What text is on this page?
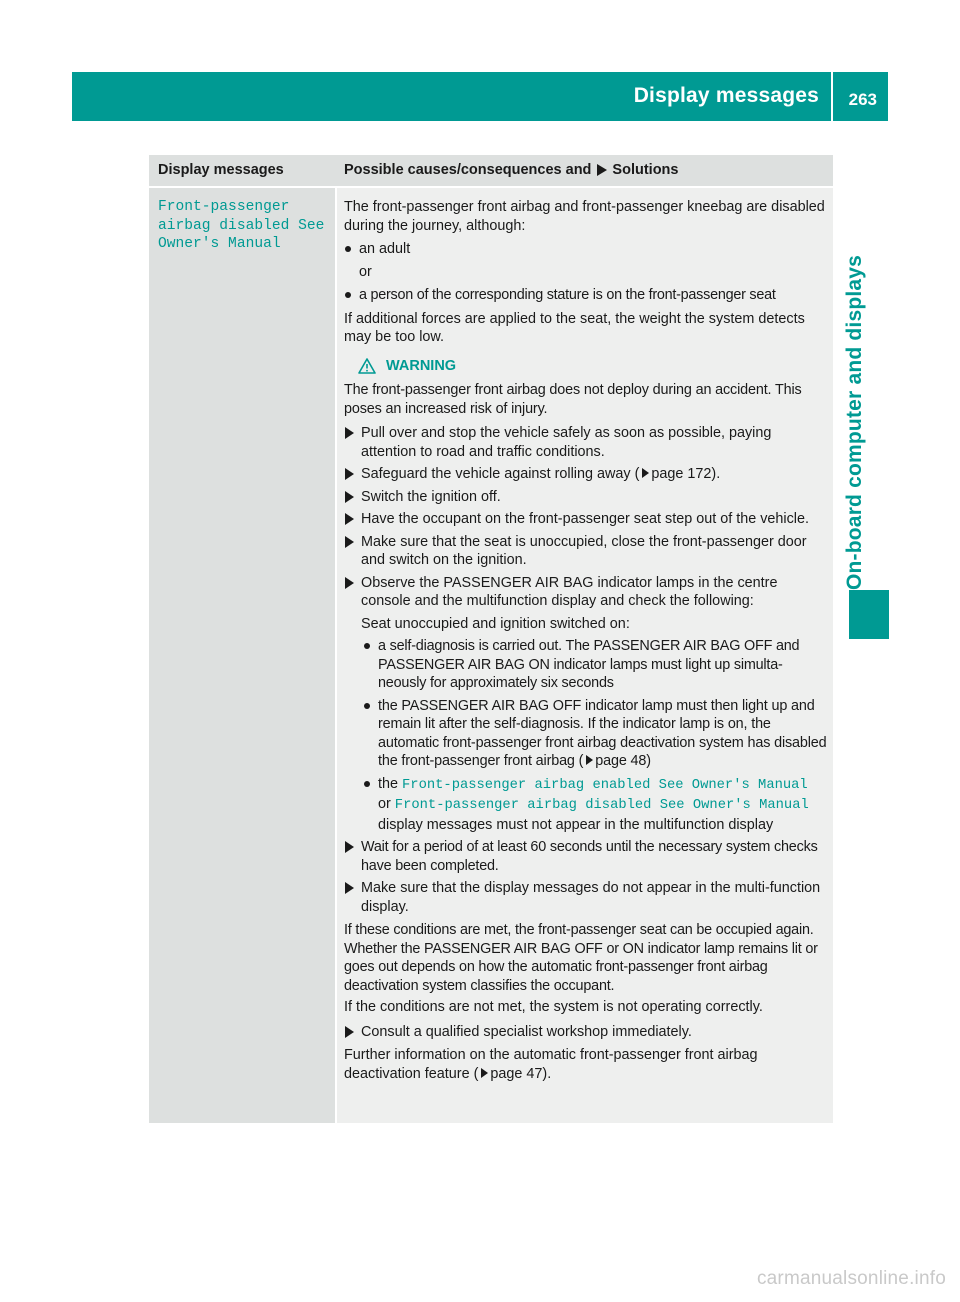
Display messages 263
On-board computer and displays
Display messages	Possible causes/consequences and Solutions
Front-passenger
airbag disabled See
Owner's Manual

The front-passenger front airbag and front-passenger kneebag are disabled during the journey, although:

an adult
or
a person of the corresponding stature is on the front-passenger seat

If additional forces are applied to the seat, the weight the system detects may be too low.

WARNING

The front-passenger front airbag does not deploy during an accident. This poses an increased risk of injury.

Pull over and stop the vehicle safely as soon as possible, paying attention to road and traffic conditions.
Safeguard the vehicle against rolling away ( page 172).
Switch the ignition off.
Have the occupant on the front-passenger seat step out of the vehicle.
Make sure that the seat is unoccupied, close the front-passenger door and switch on the ignition.
Observe the PASSENGER AIR BAG indicator lamps in the centre console and the multifunction display and check the following:
Seat unoccupied and ignition switched on:
a self-diagnosis is carried out. The PASSENGER AIR BAG OFF and PASSENGER AIR BAG ON indicator lamps must light up simulta-neously for approximately six seconds
the PASSENGER AIR BAG OFF indicator lamp must then light up and remain lit after the self-diagnosis. If the indicator lamp is on, the automatic front-passenger front airbag deactivation system has disabled the front-passenger front airbag ( page 48)
the Front-passenger airbag enabled See Owner's Manual
or Front-passenger airbag disabled See Owner's Manual
display messages must not appear in the multifunction display
Wait for a period of at least 60 seconds until the necessary system checks have been completed.
Make sure that the display messages do not appear in the multi-function display.

If these conditions are met, the front-passenger seat can be occupied again. Whether the PASSENGER AIR BAG OFF or ON indicator lamp remains lit or goes out depends on how the automatic front-passenger front airbag deactivation system classifies the occupant.

If the conditions are not met, the system is not operating correctly.

Consult a qualified specialist workshop immediately.

Further information on the automatic front-passenger front airbag deactivation feature ( page 47).

carmanualsonline.info
